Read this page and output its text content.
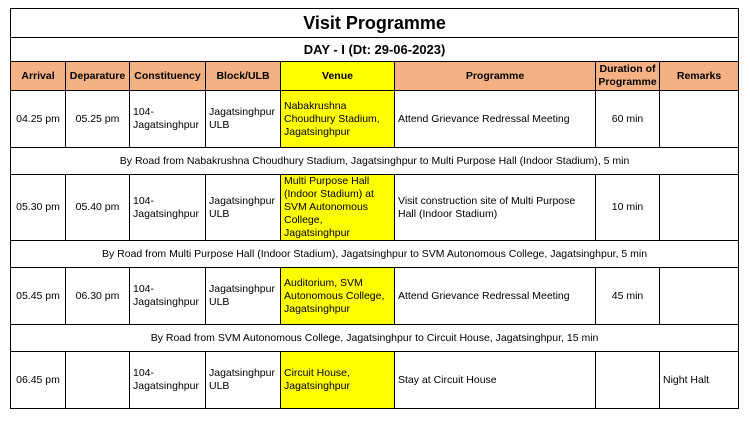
Visit Programme							
DAY - I (Dt: 29-06-2023)							
Arrival	Deparature	Constituency	Block/ULB	Venue	Programme	Duration of Programme	Remarks
04.25 pm	05.25 pm	104-Jagatsinghpur	Jagatsinghpur ULB	Nabakrushna Choudhury Stadium, Jagatsinghpur	Attend Grievance Redressal Meeting	60 min	
By Road from Nabakrushna Choudhury Stadium, Jagatsinghpur to Multi Purpose Hall (Indoor Stadium), 5 min							
05.30 pm	05.40 pm	104-Jagatsinghpur	Jagatsinghpur ULB	Multi Purpose Hall (Indoor Stadium) at SVM Autonomous College, Jagatsinghpur	Visit construction site of Multi Purpose Hall (Indoor Stadium)	10 min	
By Road from Multi Purpose Hall (Indoor Stadium), Jagatsinghpur to SVM Autonomous College, Jagatsinghpur, 5 min							
05.45 pm	06.30 pm	104-Jagatsinghpur	Jagatsinghpur ULB	Auditorium, SVM Autonomous College, Jagatsinghpur	Attend Grievance Redressal Meeting	45 min	
By Road from SVM Autonomous College, Jagatsinghpur to Circuit House, Jagatsinghpur, 15 min							
06.45 pm		104-Jagatsinghpur	Jagatsinghpur ULB	Circuit House, Jagatsinghpur	Stay at Circuit House		Night Halt
